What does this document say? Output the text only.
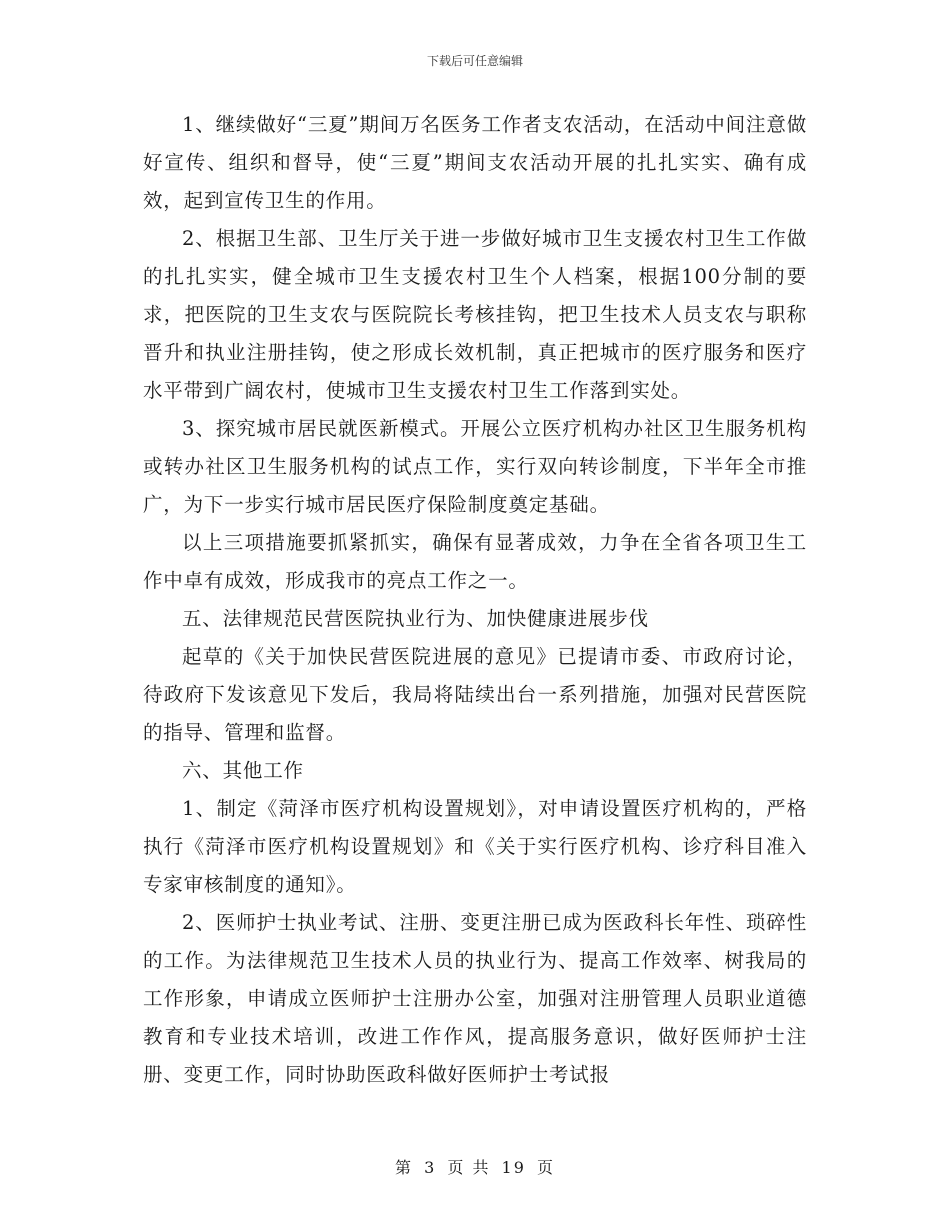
下载后可任意编辑

1、继续做好“三夏”期间万名医务工作者支农活动，在活动中间注意做好宣传、组织和督导，使“三夏”期间支农活动开展的扎扎实实、确有成效，起到宣传卫生的作用。

2、根据卫生部、卫生厅关于进一步做好城市卫生支援农村卫生工作做的扎扎实实，健全城市卫生支援农村卫生个人档案，根据100分制的要求，把医院的卫生支农与医院院长考核挂钩，把卫生技术人员支农与职称晋升和执业注册挂钩，使之形成长效机制，真正把城市的医疗服务和医疗水平带到广阔农村，使城市卫生支援农村卫生工作落到实处。

3、探究城市居民就医新模式。开展公立医疗机构办社区卫生服务机构或转办社区卫生服务机构的试点工作，实行双向转诊制度，下半年全市推广，为下一步实行城市居民医疗保险制度奠定基础。

以上三项措施要抓紧抓实，确保有显著成效，力争在全省各项卫生工作中卓有成效，形成我市的亮点工作之一。

五、法律规范民营医院执业行为、加快健康进展步伐

起草的《关于加快民营医院进展的意见》已提请市委、市政府讨论，待政府下发该意见下发后，我局将陆续出台一系列措施，加强对民营医院的指导、管理和监督。

六、其他工作

1、制定《菏泽市医疗机构设置规划》，对申请设置医疗机构的，严格执行《菏泽市医疗机构设置规划》和《关于实行医疗机构、诊疗科目准入专家审核制度的通知》。

2、医师护士执业考试、注册、变更注册已成为医政科长年性、琐碎性的工作。为法律规范卫生技术人员的执业行为、提高工作效率、树我局的工作形象，申请成立医师护士注册办公室，加强对注册管理人员职业道德教育和专业技术培训，改进工作作风，提高服务意识，做好医师护士注册、变更工作，同时协助医政科做好医师护士考试报

第 3 页 共 19 页
